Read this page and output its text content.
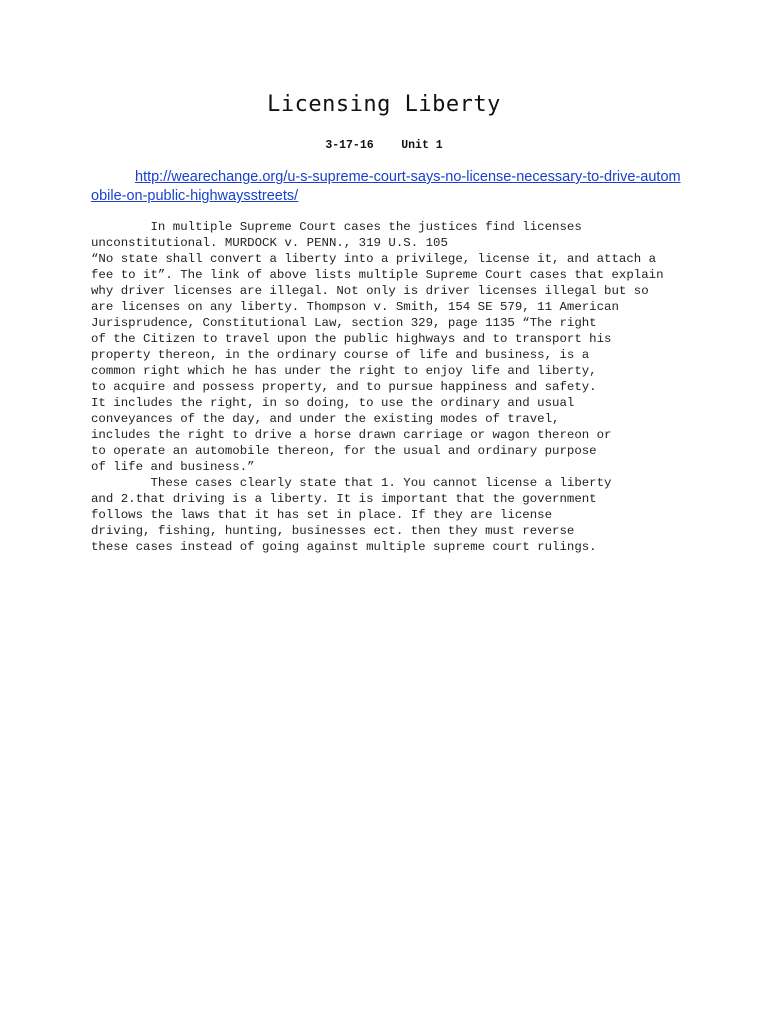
Licensing Liberty
3-17-16 Unit 1
http://wearechange.org/u-s-supreme-court-says-no-license-necessary-to-drive-automobile-on-public-highwaysstreets/
In multiple Supreme Court cases the justices find licenses
unconstitutional. MURDOCK v. PENN., 319 U.S. 105
“No state shall convert a liberty into a privilege, license it, and attach a
fee to it”. The link of above lists multiple Supreme Court cases that explain
why driver licenses are illegal. Not only is driver licenses illegal but so
are licenses on any liberty. Thompson v. Smith, 154 SE 579, 11 American
Jurisprudence, Constitutional Law, section 329, page 1135 “The right
of the Citizen to travel upon the public highways and to transport his
property thereon, in the ordinary course of life and business, is a
common right which he has under the right to enjoy life and liberty,
to acquire and possess property, and to pursue happiness and safety.
It includes the right, in so doing, to use the ordinary and usual
conveyances of the day, and under the existing modes of travel,
includes the right to drive a horse drawn carriage or wagon thereon or
to operate an automobile thereon, for the usual and ordinary purpose
of life and business.”
These cases clearly state that 1. You cannot license a liberty
and 2.that driving is a liberty. It is important that the government
follows the laws that it has set in place. If they are license
driving, fishing, hunting, businesses ect. then they must reverse
these cases instead of going against multiple supreme court rulings.
